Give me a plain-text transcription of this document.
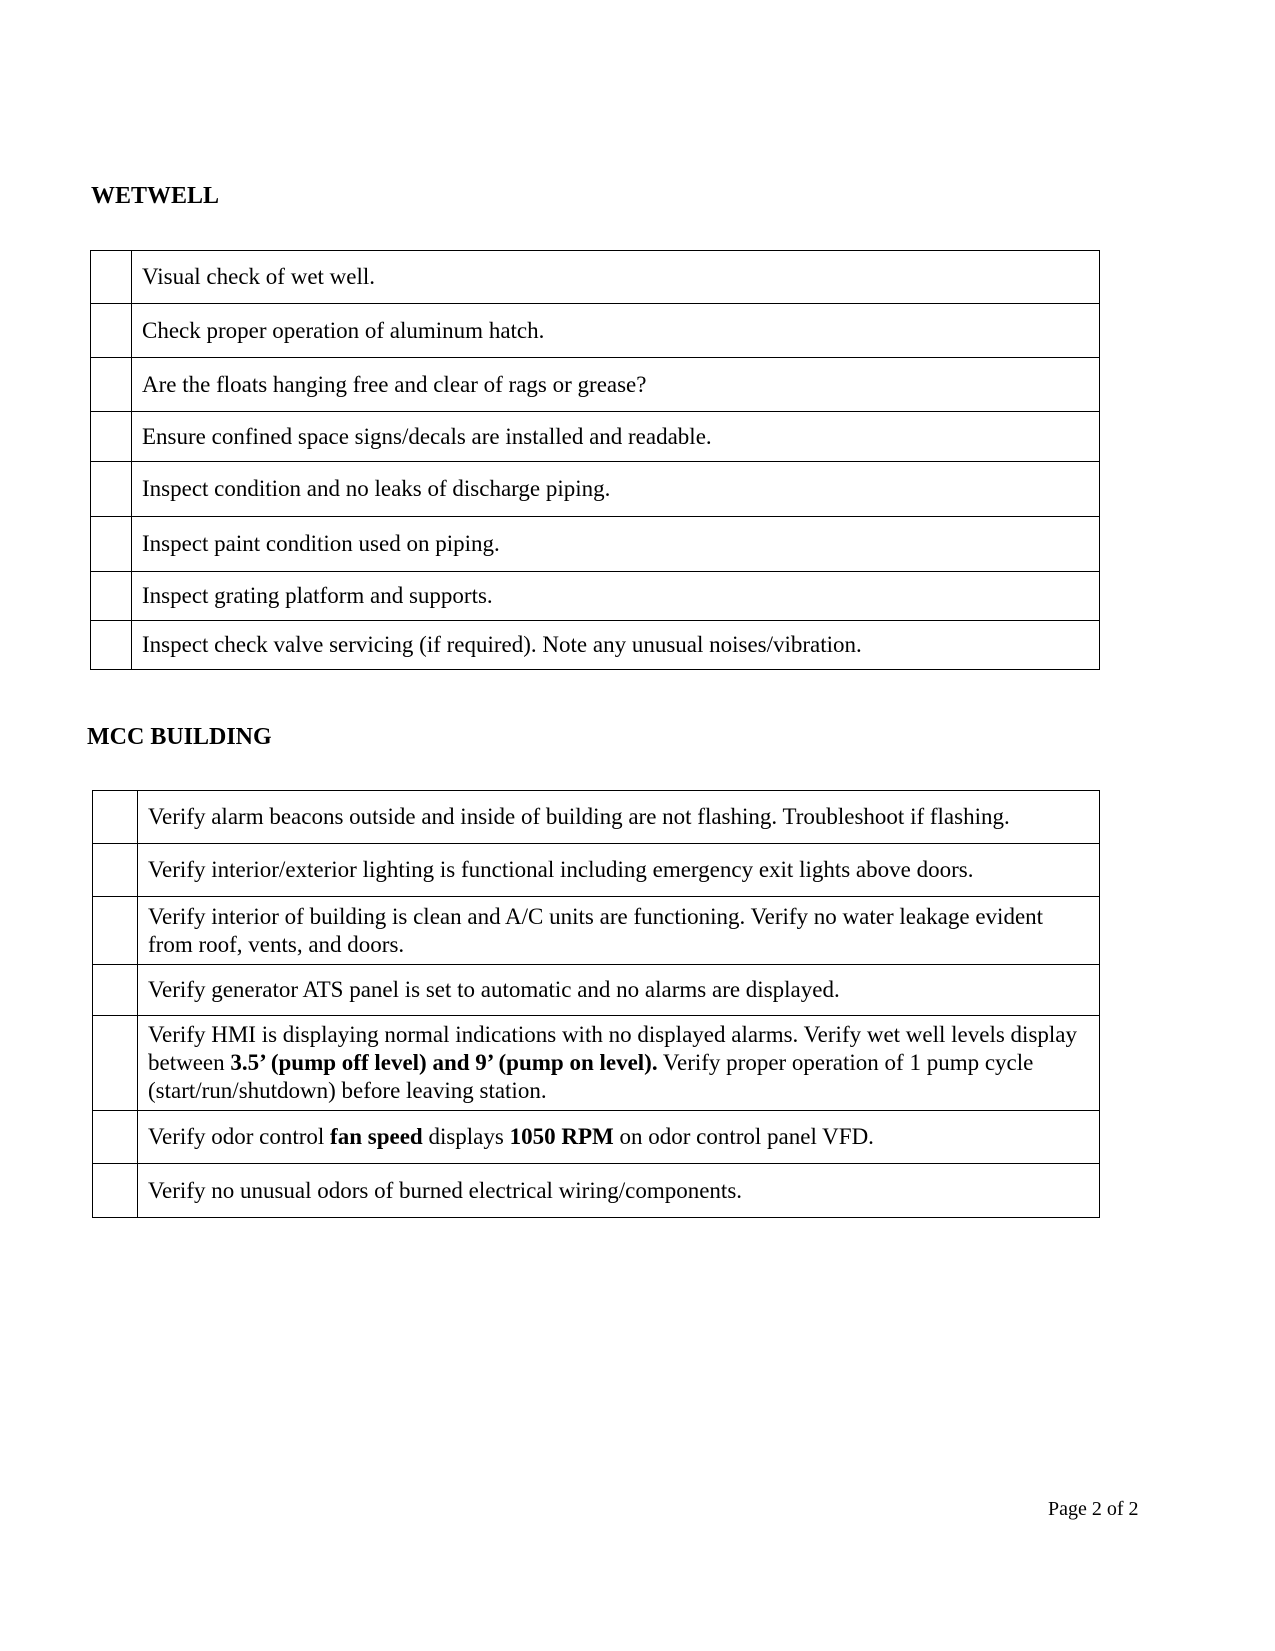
WETWELL
	Visual check of wet well.
	Check proper operation of aluminum hatch.
	Are the floats hanging free and clear of rags or grease?
	Ensure confined space signs/decals are installed and readable.
	Inspect condition and no leaks of discharge piping.
	Inspect paint condition used on piping.
	Inspect grating platform and supports.
	Inspect check valve servicing (if required). Note any unusual noises/vibration.
MCC BUILDING
	Verify alarm beacons outside and inside of building are not flashing. Troubleshoot if flashing.
	Verify interior/exterior lighting is functional including emergency exit lights above doors.
	Verify interior of building is clean and A/C units are functioning. Verify no water leakage evident from roof, vents, and doors.
	Verify generator ATS panel is set to automatic and no alarms are displayed.
	Verify HMI is displaying normal indications with no displayed alarms. Verify wet well levels display between 3.5’ (pump off level) and 9’ (pump on level). Verify proper operation of 1 pump cycle (start/run/shutdown) before leaving station.
	Verify odor control fan speed displays 1050 RPM on odor control panel VFD.
	Verify no unusual odors of burned electrical wiring/components.
Page 2 of 2
